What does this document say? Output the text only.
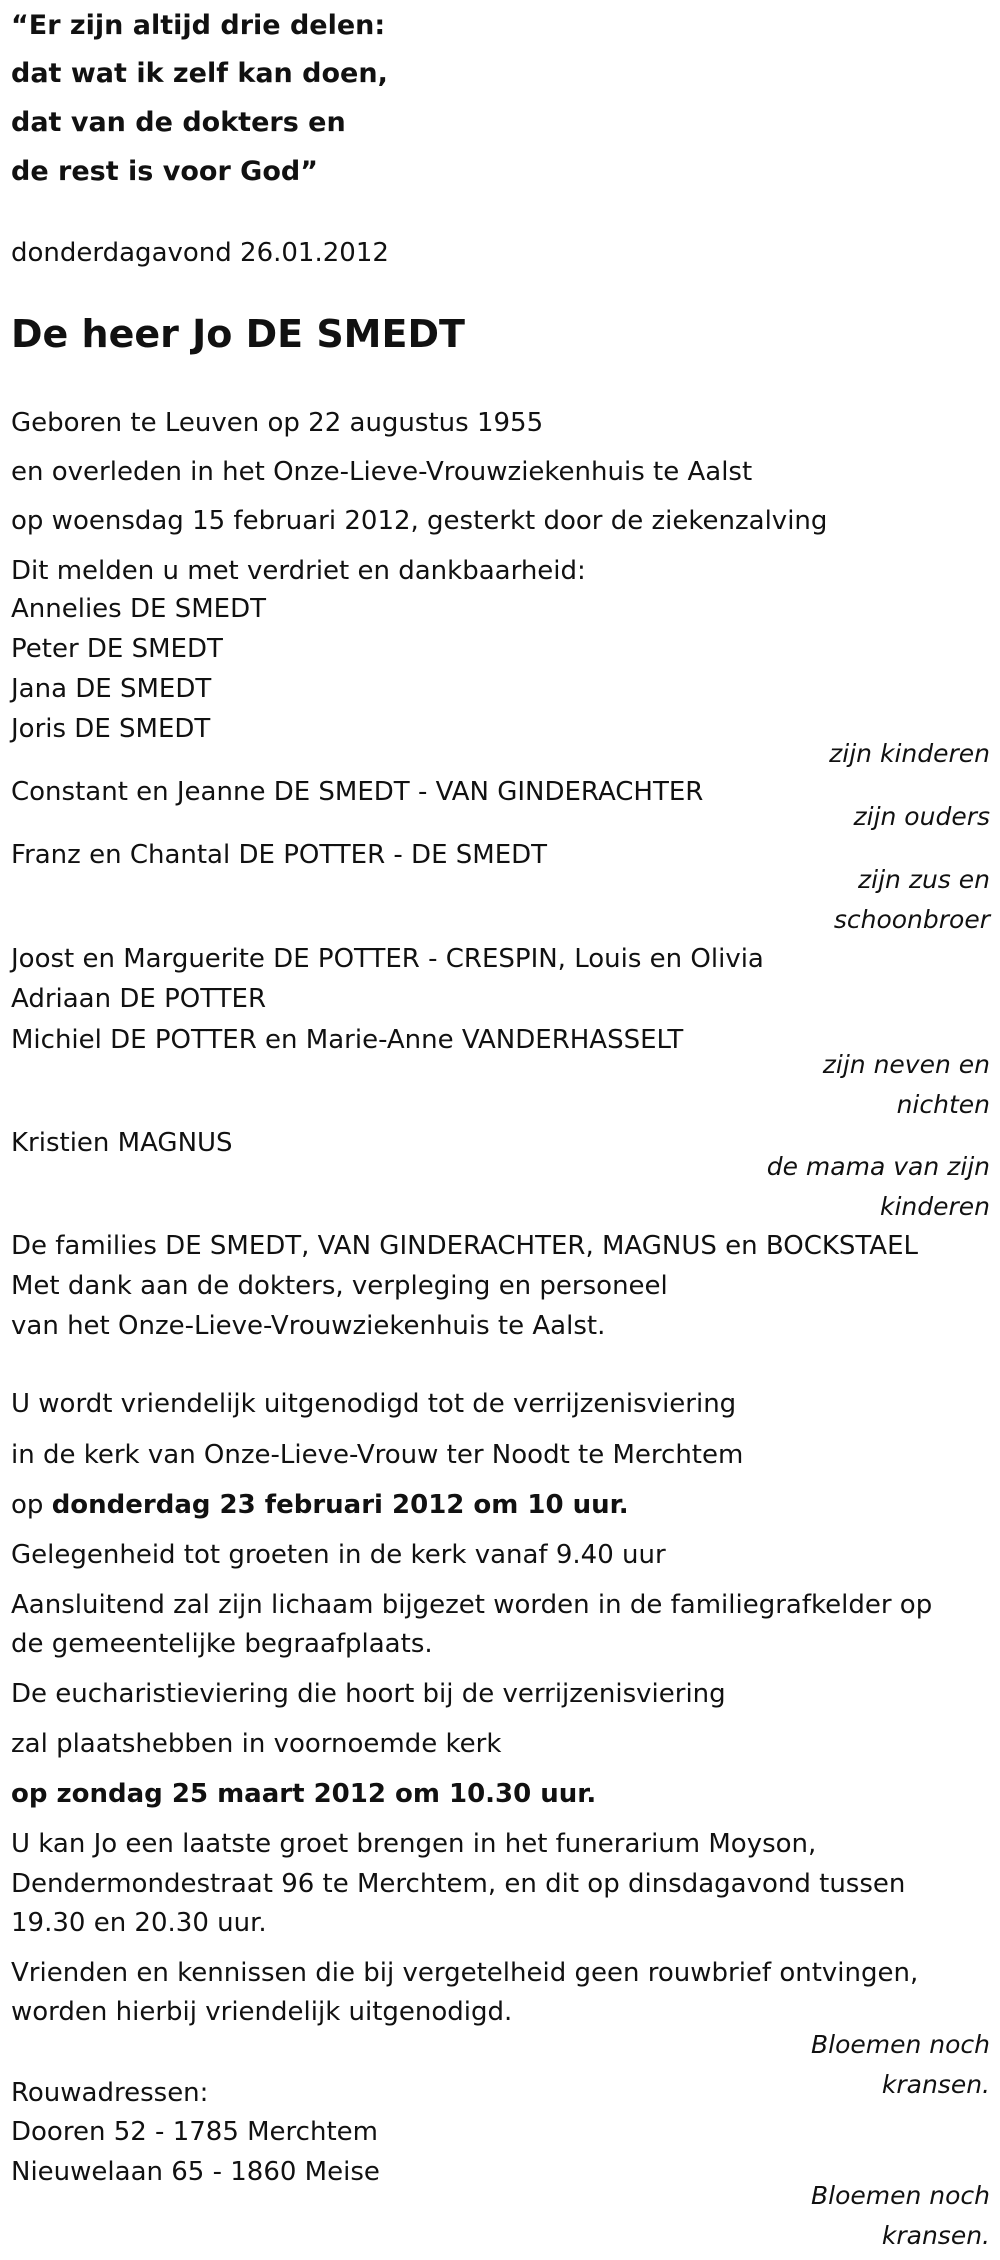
“Er zijn altijd drie delen:
dat wat ik zelf kan doen,
dat van de dokters en
de rest is voor God”
donderdagavond 26.01.2012
De heer Jo DE SMEDT
Geboren te Leuven op 22 augustus 1955
en overleden in het Onze-Lieve-Vrouwziekenhuis te Aalst
op woensdag 15 februari 2012, gesterkt door de ziekenzalving
Dit melden u met verdriet en dankbaarheid:
Annelies DE SMEDT
Peter DE SMEDT
Jana DE SMEDT
Joris DE SMEDT
zijn kinderen
Constant en Jeanne DE SMEDT - VAN GINDERACHTER
zijn ouders
Franz en Chantal DE POTTER - DE SMEDT
zijn zus en
schoonbroer
Joost en Marguerite DE POTTER - CRESPIN, Louis en Olivia
Adriaan DE POTTER
Michiel DE POTTER en Marie-Anne VANDERHASSELT
zijn neven en
nichten
Kristien MAGNUS
de mama van zijn
kinderen
De families DE SMEDT, VAN GINDERACHTER, MAGNUS en BOCKSTAEL
Met dank aan de dokters, verpleging en personeel
van het Onze-Lieve-Vrouwziekenhuis te Aalst.
U wordt vriendelijk uitgenodigd tot de verrijzenisviering
in de kerk van Onze-Lieve-Vrouw ter Noodt te Merchtem
op donderdag 23 februari 2012 om 10 uur.
Gelegenheid tot groeten in de kerk vanaf 9.40 uur
Aansluitend zal zijn lichaam bijgezet worden in de familiegrafkelder op
de gemeentelijke begraafplaats.
De eucharistieviering die hoort bij de verrijzenisviering
zal plaatshebben in voornoemde kerk
op zondag 25 maart 2012 om 10.30 uur.
U kan Jo een laatste groet brengen in het funerarium Moyson,
Dendermondestraat 96 te Merchtem, en dit op dinsdagavond tussen
19.30 en 20.30 uur.
Vrienden en kennissen die bij vergetelheid geen rouwbrief ontvingen,
worden hierbij vriendelijk uitgenodigd.
Bloemen noch
kransen.
Rouwadressen:
Dooren 52 - 1785 Merchtem
Nieuwelaan 65 - 1860 Meise
Bloemen noch
kransen.
